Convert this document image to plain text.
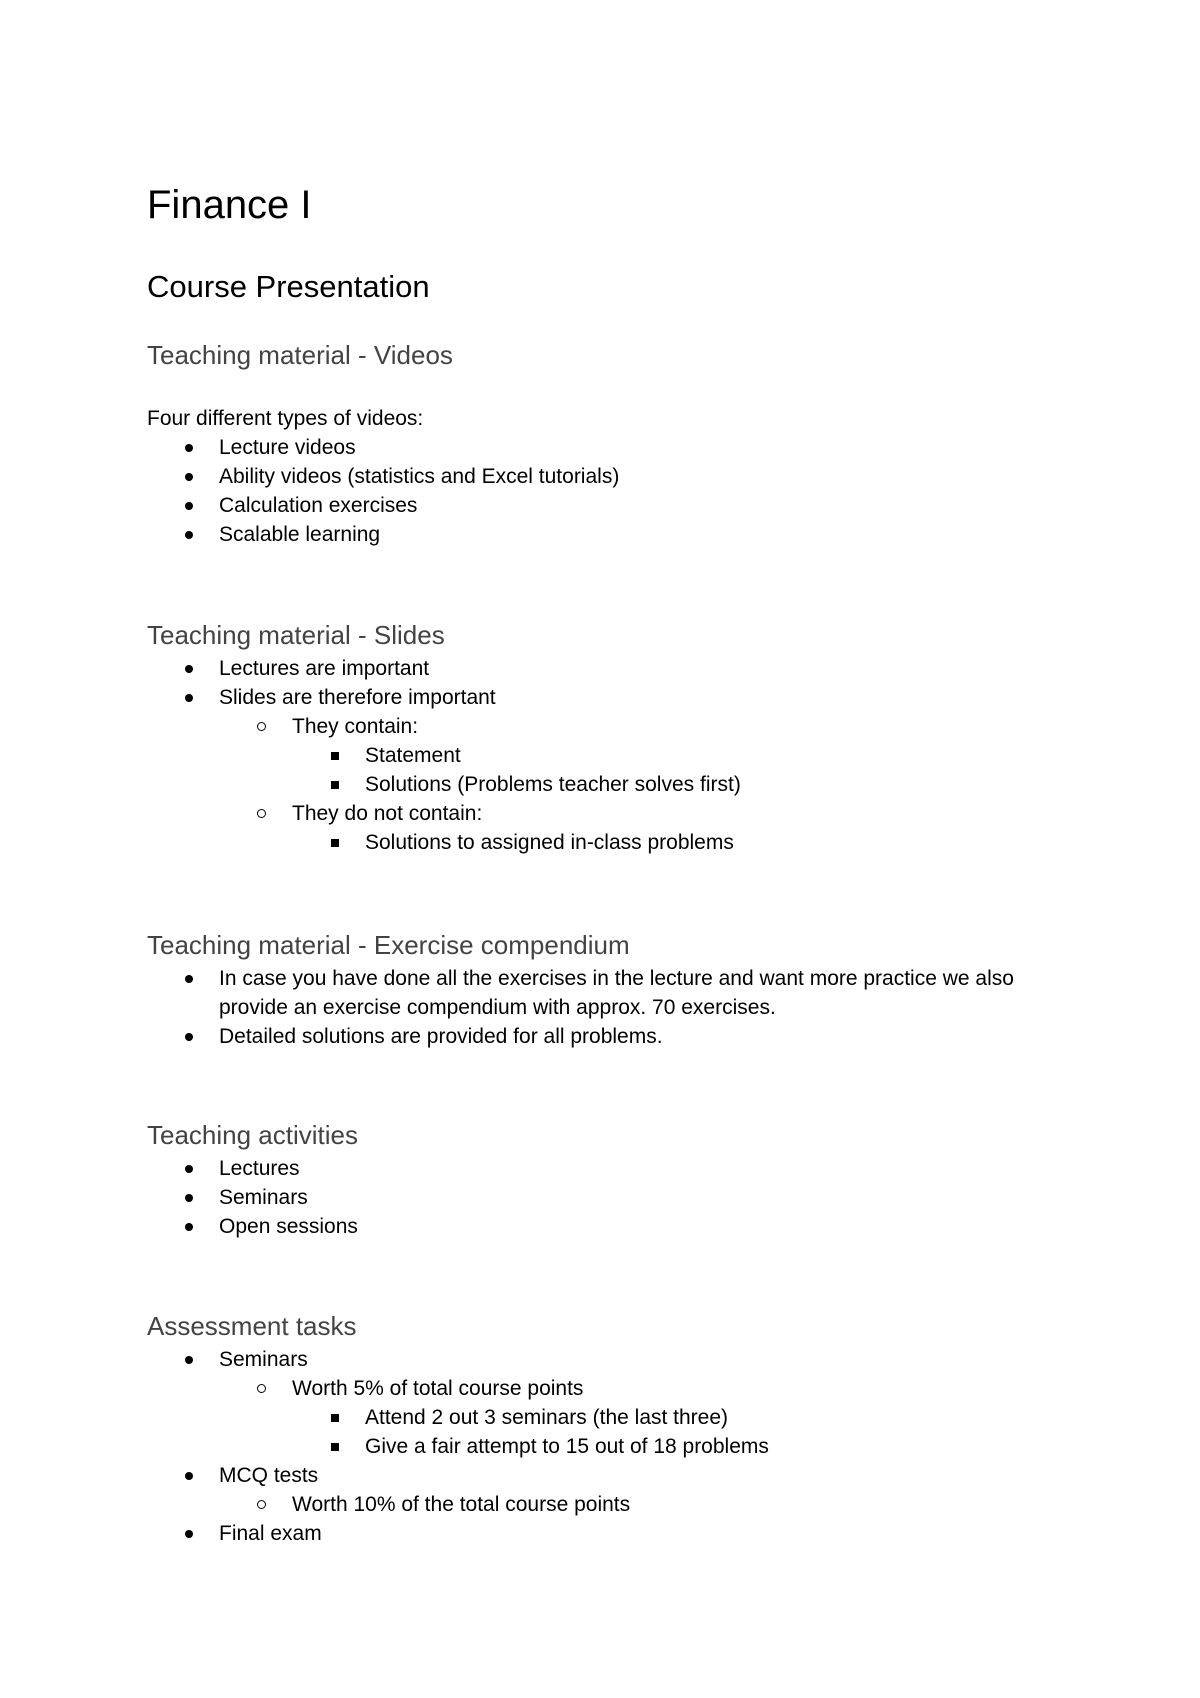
Finance I
Course Presentation
Teaching material - Videos

Four different types of videos:

Lecture videos
Ability videos (statistics and Excel tutorials)
Calculation exercises
Scalable learning
Teaching material - Slides
Lectures are important
Slides are therefore important
They contain:
Statement
Solutions (Problems teacher solves first)
They do not contain:
Solutions to assigned in-class problems
Teaching material - Exercise compendium
In case you have done all the exercises in the lecture and want more practice we also provide an exercise compendium with approx. 70 exercises.
Detailed solutions are provided for all problems.
Teaching activities
Lectures
Seminars
Open sessions
Assessment tasks
Seminars
Worth 5% of total course points
Attend 2 out 3 seminars (the last three)
Give a fair attempt to 15 out of 18 problems
MCQ tests
Worth 10% of the total course points
Final exam
